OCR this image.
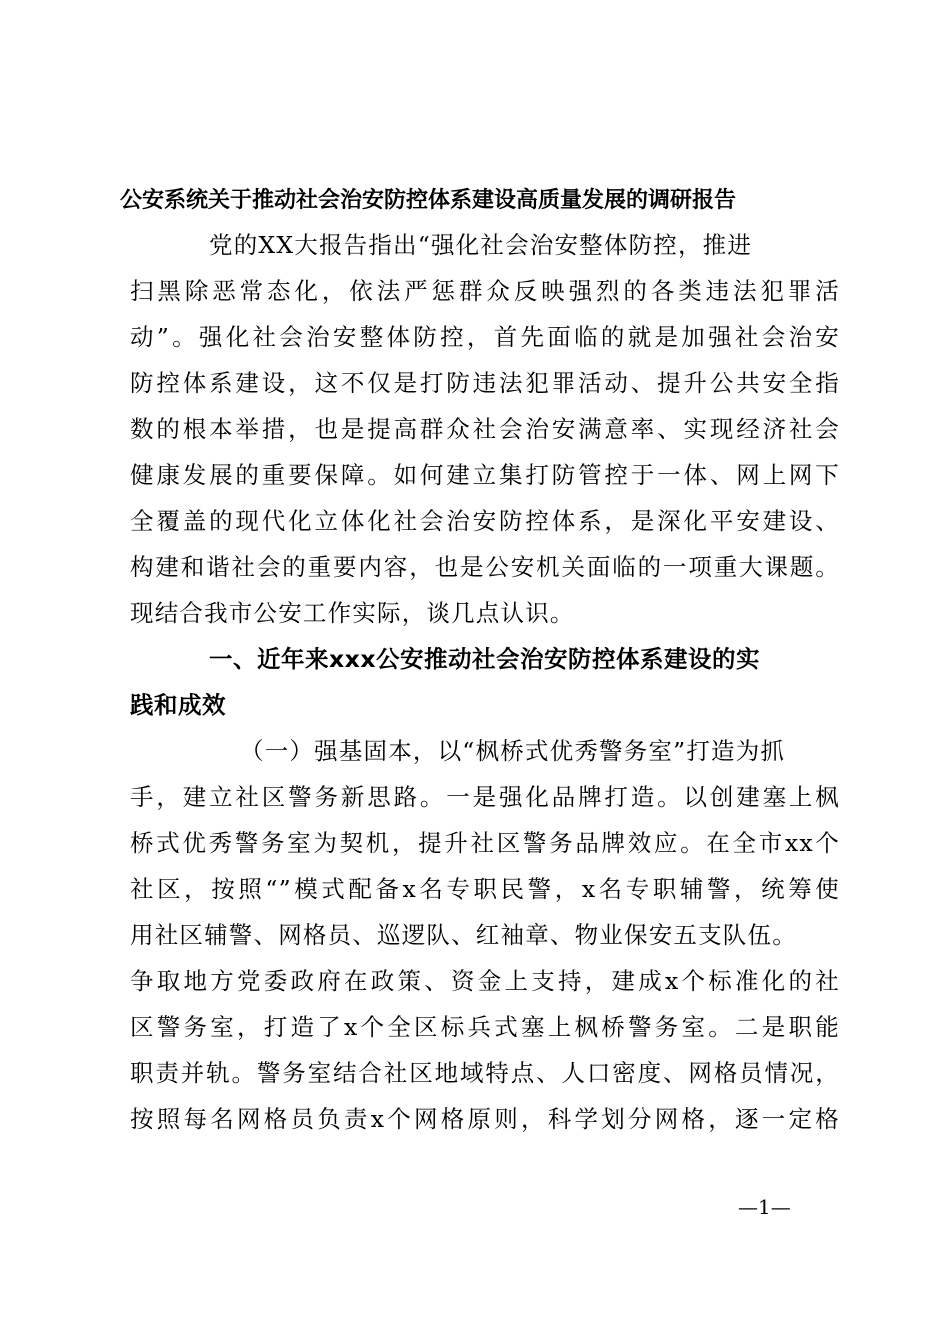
公安系统关于推动社会治安防控体系建设高质量发展的调研报告
党的XX大报告指出“强化社会治安整体防控，推进
扫黑除恶常态化，依法严惩群众反映强烈的各类违法犯罪活
动”。强化社会治安整体防控，首先面临的就是加强社会治安
防控体系建设，这不仅是打防违法犯罪活动、提升公共安全指
数的根本举措，也是提高群众社会治安满意率、实现经济社会
健康发展的重要保障。如何建立集打防管控于一体、网上网下
全覆盖的现代化立体化社会治安防控体系，是深化平安建设、
构建和谐社会的重要内容，也是公安机关面临的一项重大课题。
现结合我市公安工作实际，谈几点认识。
一、近年来xxx公安推动社会治安防控体系建设的实
践和成效
（一）强基固本，以“枫桥式优秀警务室”打造为抓
手，建立社区警务新思路。一是强化品牌打造。以创建塞上枫
桥式优秀警务室为契机，提升社区警务品牌效应。在全市xx个
社区，按照“”模式配备x名专职民警，x名专职辅警，统筹使
用社区辅警、网格员、巡逻队、红袖章、物业保安五支队伍。
争取地方党委政府在政策、资金上支持，建成x个标准化的社
区警务室，打造了x个全区标兵式塞上枫桥警务室。二是职能
职责并轨。警务室结合社区地域特点、人口密度、网格员情况，
按照每名网格员负责x个网格原则，科学划分网格，逐一定格
—1—
